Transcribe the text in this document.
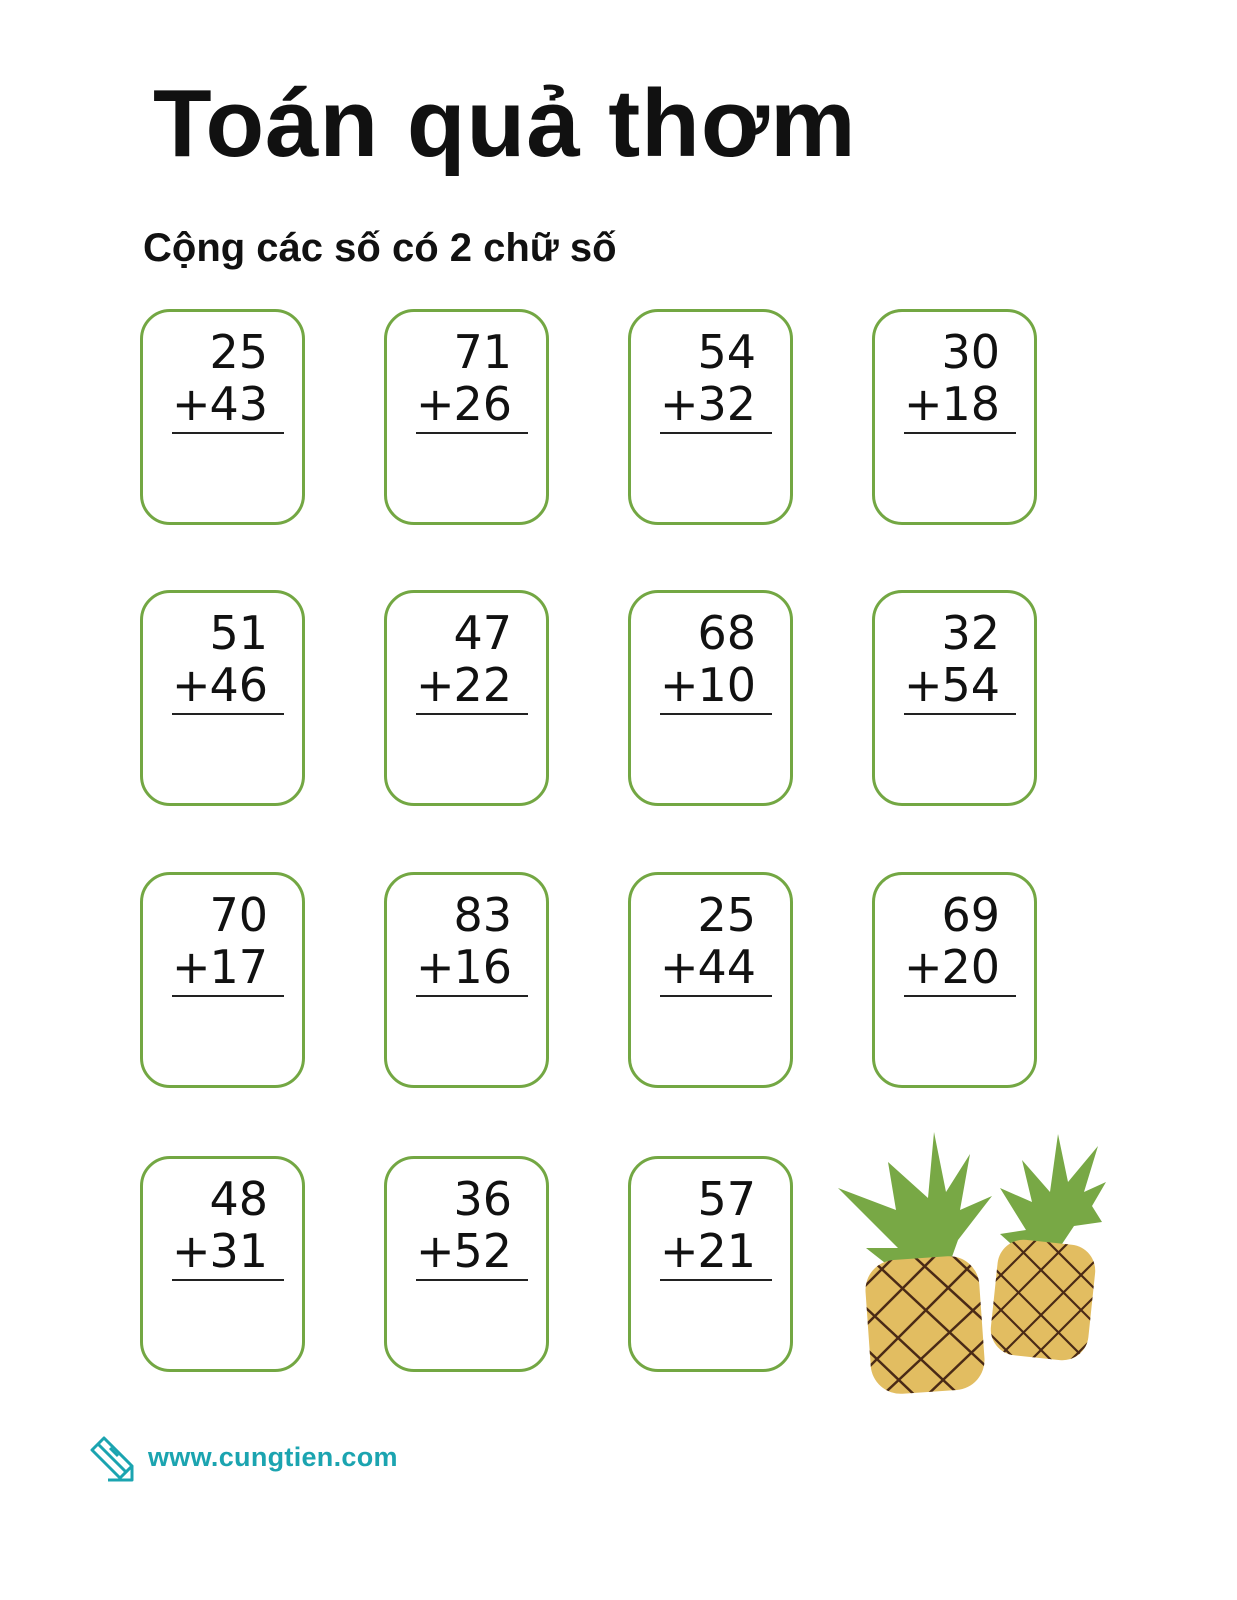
Toán quả thơm
Cộng các số có 2 chữ số
25
+
43
71
+
26
54
+
32
30
+
18
51
+
46
47
+
22
68
+
10
32
+
54
70
+
17
83
+
16
25
+
44
69
+
20
48
+
31
36
+
52
57
+
21
www.cungtien.com
